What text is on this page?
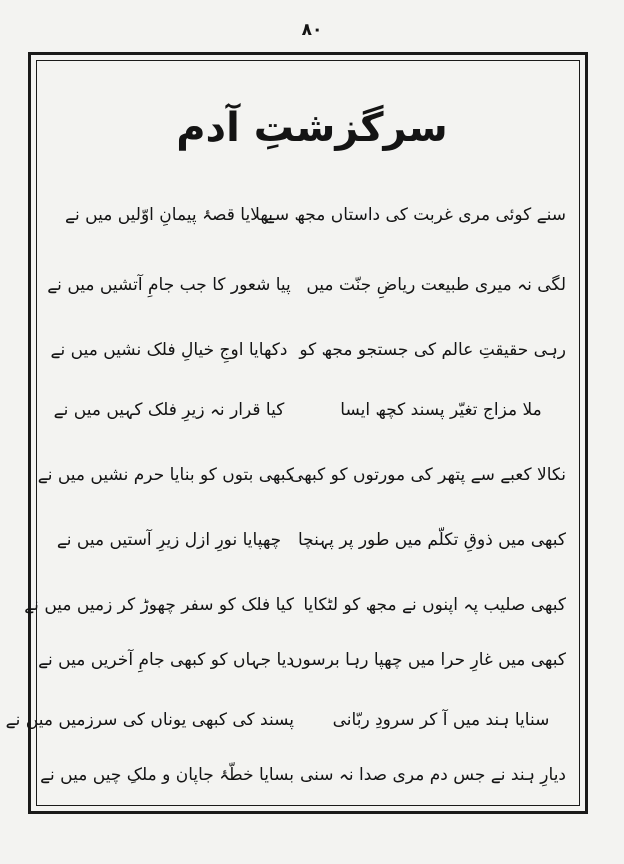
۸۰
سرگزشتِ آدم
سنے کوئی مری غربت کی داستاں مجھ سے
بھلایا قصۂ پیمانِ اوّلیں میں نے
لگی نہ میری طبیعت ریاضِ جنّت میں
پیا شعور کا جب جامِ آتشیں میں نے
رہی حقیقتِ عالم کی جستجو مجھ کو
دکھایا اوجِ خیالِ فلک نشیں میں نے
ملا مزاج تغیّر پسند کچھ ایسا
کیا قرار نہ زیرِ فلک کہیں میں نے
نکالا کعبے سے پتھر کی مورتوں کو کبھی
کبھی بتوں کو بنایا حرم نشیں میں نے
کبھی میں ذوقِ تکلّم میں طور پر پہنچا
چھپایا نورِ ازل زیرِ آستیں میں نے
کبھی صلیب پہ اپنوں نے مجھ کو لٹکایا
کیا فلک کو سفر چھوڑ کر زمیں میں نے
کبھی میں غارِ حرا میں چھپا رہا برسوں
دیا جہاں کو کبھی جامِ آخریں میں نے
سنایا ہند میں آ کر سرودِ ربّانی
پسند کی کبھی یوناں کی سرزمیں میں نے
دیارِ ہند نے جس دم مری صدا نہ سنی
بسایا خطّۂ جاپان و ملکِ چیں میں نے
